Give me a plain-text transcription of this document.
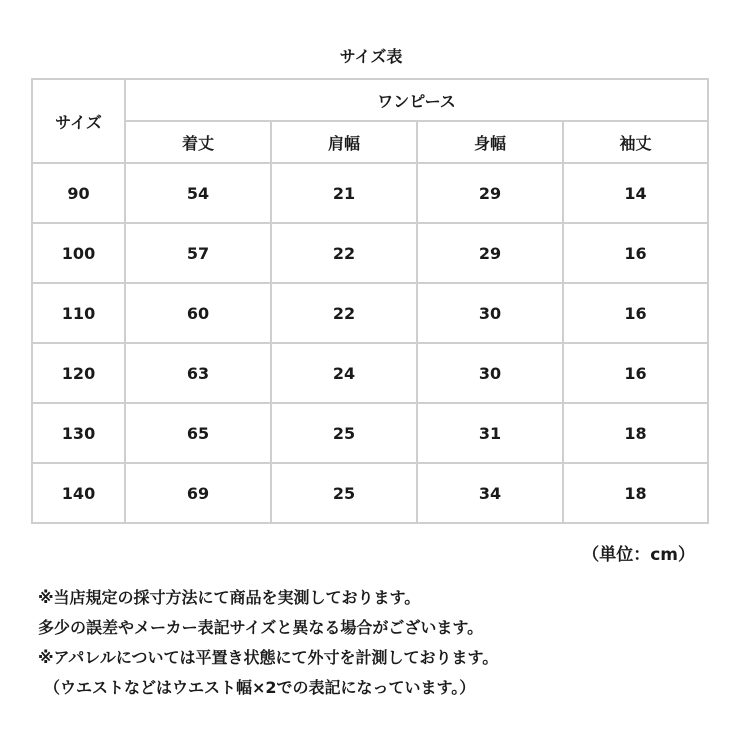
サイズ表
サイズ	ワンピース			
	着丈	肩幅	身幅	袖丈
90	54	21	29	14
100	57	22	29	16
110	60	22	30	16
120	63	24	30	16
130	65	25	31	18
140	69	25	34	18
（単位：cm）
※当店規定の採寸方法にて商品を実測しております。
多少の誤差やメーカー表記サイズと異なる場合がございます。
※アパレルについては平置き状態にて外寸を計測しております。
（ウエストなどはウエスト幅×2での表記になっています。）
